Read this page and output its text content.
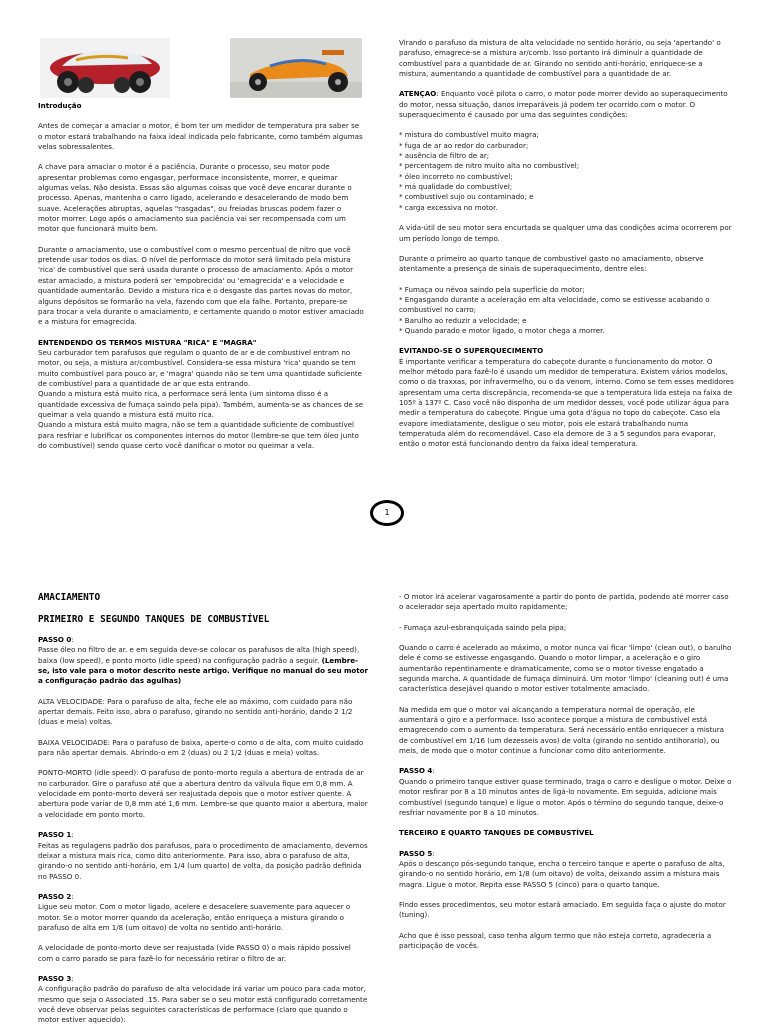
Introdução

Antes de começar a amaciar o motor, é bom ter um medidor de temperatura pra saber se o motor estará trabalhando na faixa ideal indicada pelo fabricante, como também algumas velas sobressalentes.

A chave para amaciar o motor é a paciência. Durante o processo, seu motor pode apresentar problemas como engasgar, performace inconsistente, morrer, e queimar algumas velas. Não desista. Essas são algumas coisas que você deve encarar durante o processo. Apenas, mantenha o carro ligado, acelerando e desacelerando de modo bem suave. Acelerações abruptas, aquelas "rasgadas", ou freiadas bruscas podem fazer o motor morrer. Logo após o amaciamento sua paciência vai ser recompensada com um motor que funcionará muito bem.

Durante o amaciamento, use o combustível com o mesmo percentual de nitro que você pretende usar todos os dias. O nível de performace do motor será limitado pela mistura 'rica' de combustível que será usada durante o processo de amaciamento. Após o motor estar amaciado, a mistura poderá ser 'empobrecida' ou 'emagrecida' e a velocidade e quantidade aumentarão. Devido a mistura rica e o desgaste das partes novas do motor, alguns depósitos se formarão na vela, fazendo com que ela falhe. Portanto, prepare-se para trocar a vela durante o amaciamento, e certamente quando o motor estiver amaciado e a mistura for emagrecida.

ENTENDENDO OS TERMOS MISTURA "RICA" E "MAGRA"

Seu carburador tem parafusos que regulam o quanto de ar e de combustível entram no motor, ou seja, a mistura ar/combustível. Considera-se essa mistura 'rica' quando se tem muito combustível para pouco ar, e 'magra' quando não se tem uma quantidade suficiente de combustível para a quantidade de ar que esta entrando.

Quando a mistura está muito rica, a performace será lenta (um sintoma disso é a quantidade excessiva de fumaça saindo pela pipa). Também, aumenta-se as chances de se queimar a vela quando a mistura está muito rica.

Quando a mistura está muito magra, não se tem a quantidade suficiente de combustível para resfriar e lubrificar os componentes internos do motor (lembre-se que tem óleo junto do combustível) sendo quase certo você danificar o motor ou queimar a vela.

Virando o parafuso da mistura de alta velocidade no sentido horário, ou seja 'apertando' o parafuso, emagrece-se a mistura ar/comb. Isso portanto irá diminuir a quantidade de combustível para a quantidade de ar. Girando no sentido anti-horário, enriquece-se a mistura, aumentando a quantidade de combustível para a quantidade de ar.

ATENÇAO: Enquanto você pilota o carro, o motor pode morrer devido ao superaquecimento do motor, nessa situação, danos irreparáveis já podem ter ocorrido com o motor. O superaquecimento é causado por uma das seguintes condições:

* mistura do combustível muito magra;
* fuga de ar ao redor do carburador;
* ausência de filtro de ar;
* percentagem de nitro muito alta no combustível;
* óleo incorreto no combustível;
* má qualidade do combustível;
* combustível sujo ou contaminado; e
* carga excessiva no motor.

A vida-útil de seu motor sera encurtada se qualquer uma das condições acima ocorrerem por um período longo de tempo.

Durante o primeiro ao quarto tanque de combustível gasto no amaciamento, observe atentamente a presença de sinais de superaquecimento, dentre eles:

* Fumaça ou névoa saindo pela superfície do motor;
* Engasgando durante a aceleração em alta velocidade, como se estivesse acabando o combustível no carro;
* Barulho ao reduzir a velocidade; e
* Quando parado e motor ligado, o motor chega a morrer.

EVITANDO-SE O SUPERQUECIMENTO

É importante verificar a temperatura do cabeçote durante o funcionamento do motor. O melhor método para fazê-lo é usando um medidor de temperatura. Existem vários modelos, como o da traxxas, por infravermelho, ou o da venom, interno. Como se tem esses medidores apresentam uma certa discrepância, recomenda-se que a temperatura lida esteja na faixa de 105º à 137º C. Caso você não disponha de um medidor desses, você pode utilizar água para medir a temperatura do cabeçote. Pingue uma gota d'água no topo do cabeçote. Caso ela evapore imediatamente, desligue o seu motor, pois ele estará trabalhando numa temperatuda além do recomendável. Caso ela demore de 3 a 5 segundos para evaporar, então o motor está funcionando dentro da faixa ideal temperatura.

1

AMACIAMENTO

PRIMEIRO E SEGUNDO TANQUES DE COMBUSTÍVEL

PASSO 0:

Passe óleo no filtro de ar. e em seguida deve-se colocar os parafusos de alta (high speed), baixa (low speed), e ponto morto (idle speed) na configuração padrão a seguir. (Lembre-se, isto vale para o motor descrito neste artigo. Verifique no manual do seu motor a configuração padrão das agulhas)

ALTA VELOCIDADE: Para o parafuso de alta, feche ele ao máximo, com cuidado para não apertar demais. Feito isso, abra o parafuso, girando no sentido anti-horário, dando 2 1/2 (duas e meia) voltas.

BAIXA VELOCIDADE: Para o parafuso de baixa, aperte-o como o de alta, com muito cuidado para não apertar demais. Abrindo-o em 2 (duas) ou 2 1/2 (duas e meia) voltas.

PONTO-MORTO (idle speed): O parafuso de ponto-morto regula a abertura de entrada de ar no carburador. Gire o parafuso até que a abertura dentro da válvula fique em 0,8 mm. A velocidade em ponto-morto deverá ser reajustada depois que o motor estiver quente. A abertura pode variar de 0,8 mm até 1,6 mm. Lembre-se que quanto maior a abertura, maior a velocidade em ponto morto.

PASSO 1:

Feitas as regulagens padrão dos parafusos, para o procedimento de amaciamento, devemos deixar a mistura mais rica, como dito anteriormente. Para isso, abra o parafuso de alta, girando-o no sentido anti-horário, em 1/4 (um quarto) de volta, da posição padrão definida no PASSO 0.

PASSO 2:

Ligue seu motor. Com o motor ligado, acelere e desacelere suavemente para aquecer o motor. Se o motor morrer quando da aceleração, então enriqueça a mistura girando o parafuso de alta em 1/8 (um oitavo) de volta no sentido anti-horário.

A velocidade de ponto-morto deve ser reajustada (vide PASSO 0) o mais rápido possível com o carro parado se para fazê-lo for necessário retirar o filtro de ar.

PASSO 3:

A configuração padrão do parafuso de alta velocidade irá variar um pouco para cada motor, mesmo que seja o Associated .15. Para saber se o seu motor está configurado corretamente você deve observar pelas seguintes características de performace (claro que quando o motor estiver aquecido):

- O motor irá acelerar vagarosamente a partir do ponto de partida, podendo até morrer caso o acelerador seja apertado muito rapidamente;

- Fumaça azul-esbranquiçada saindo pela pipa;

Quando o carro é acelerado ao máximo, o motor nunca vai ficar 'limpo' (clean out), o barulho dele é como se estivesse engasgando. Quando o motor limpar, a aceleração e o giro aumentarão repentinamente e dramaticamente, como se o motor tivesse engatado a segunda marcha. A quantidade de fumaça diminuirá. Um motor 'limpo' (cleaning out) é uma característica desejável quando o motor estiver totalmente amaciado.

Na medida em que o motor vai alcançando a temperatura normal de operação, ele aumentará o giro e a performace. Isso acontece porque a mistura de combustível está emagrecendo com o aumento da temperatura. Será necessário então enriquecer a mistura de combustível em 1/16 (um dezesseis avos) de volta (girando no sentido antihorario), ou meis, de modo que o motor continue a funcionar como dito anteriormente.

PASSO 4:

Quando o primeiro tanque estiver quase terminado, traga o carro e desligue o motor. Deixe o motor resfirar por 8 a 10 minutos antes de ligá-lo novamente. Em seguida, adicione mais combustível (segundo tanque) e ligue o motor. Após o término do segundo tanque, deixe-o resfriar novamente por 8 a 10 minutos.

TERCEIRO E QUARTO TANQUES DE COMBUSTÍVEL

PASSO 5:

Após o descanço pós-segundo tanque, encha o terceiro tanque e aperte o parafuso de alta, girando-o no sentido horário, em 1/8 (um oitavo) de volta, deixando assim a mistura mais magra. Ligue o motor. Repita esse PASSO 5 (cinco) para o quarto tanque.

Findo esses procedimentos, seu motor estará amaciado. Em seguida faça o ajuste do motor (tuning).

Acho que é isso pessoal, caso tenha algum termo que não esteja correto, agradeceria a participação de vocês.
